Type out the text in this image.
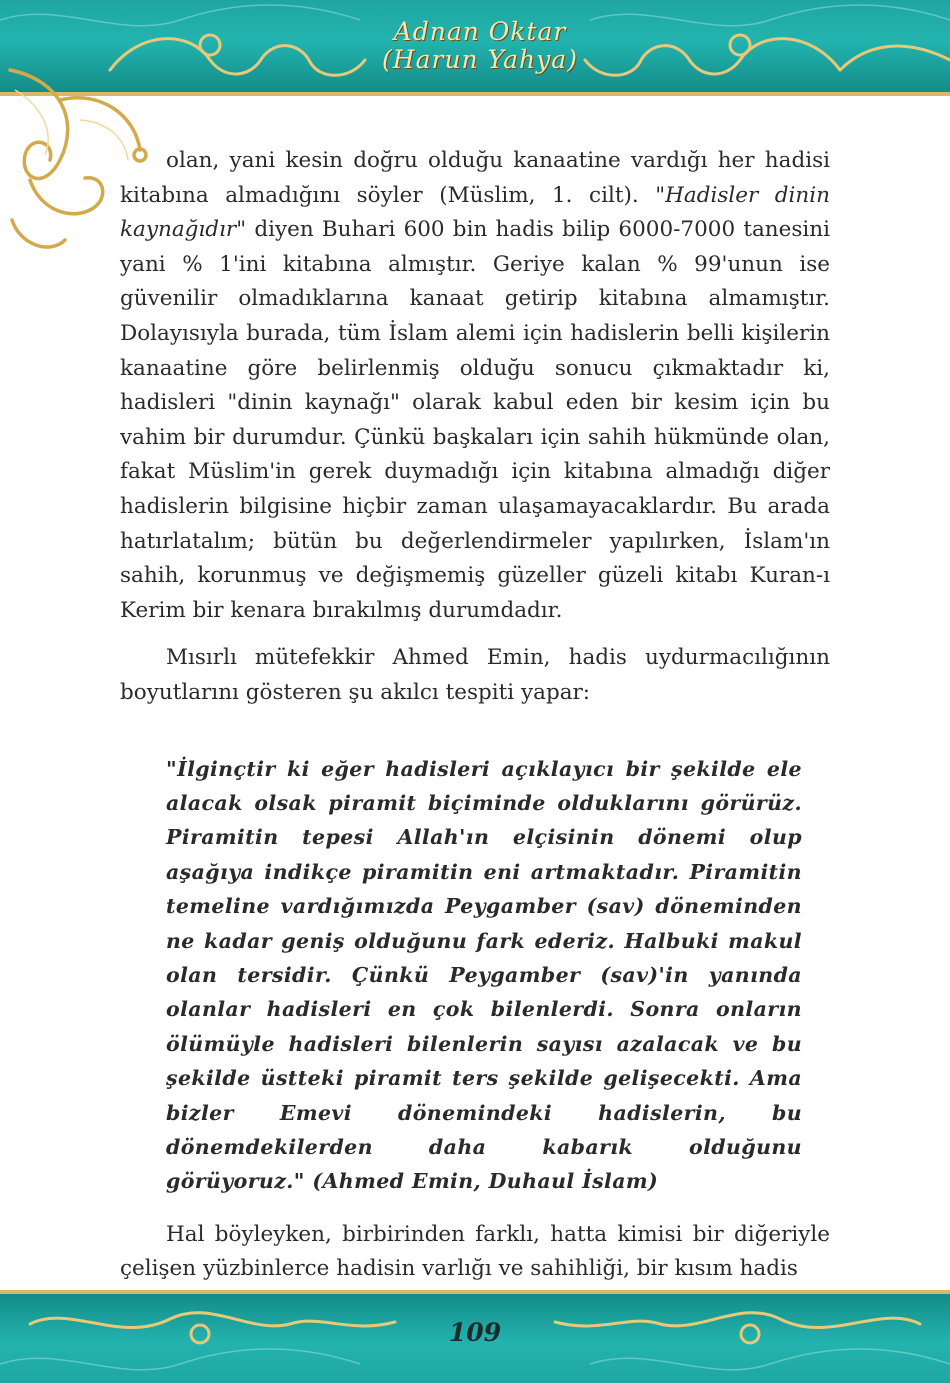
Adnan Oktar
(Harun Yahya)

olan, yani kesin doğru olduğu kanaatine vardığı her hadisi kitabına almadığını söyler (Müslim, 1. cilt). "Hadisler dinin kaynağıdır" diyen Buhari 600 bin hadis bilip 6000-7000 tanesini yani % 1'ini kitabına almıştır. Geriye kalan % 99'unun ise güvenilir olmadıklarına kanaat getirip kitabına almamıştır. Dolayısıyla burada, tüm İslam alemi için hadislerin belli kişilerin kanaatine göre belirlenmiş olduğu sonucu çıkmaktadır ki, hadisleri "dinin kaynağı" olarak kabul eden bir kesim için bu vahim bir durumdur. Çünkü başkaları için sahih hükmünde olan, fakat Müslim'in gerek duymadığı için kitabına almadığı diğer hadislerin bilgisine hiçbir zaman ulaşamayacaklardır. Bu arada hatırlatalım; bütün bu değerlendirmeler yapılırken, İslam'ın sahih, korunmuş ve değişmemiş güzeller güzeli kitabı Kuran-ı Kerim bir kenara bırakılmış durumdadır.

Mısırlı mütefekkir Ahmed Emin, hadis uydurmacılığının boyutlarını gösteren şu akılcı tespiti yapar:

"İlginçtir ki eğer hadisleri açıklayıcı bir şekilde ele alacak olsak piramit biçiminde olduklarını görürüz. Piramitin tepesi Allah'ın elçisinin dönemi olup aşağıya indikçe piramitin eni artmaktadır. Piramitin temeline vardığımızda Peygamber (sav) döneminden ne kadar geniş olduğunu fark ederiz. Halbuki makul olan tersidir. Çünkü Peygamber (sav)'in yanında olanlar hadisleri en çok bilenlerdi. Sonra onların ölümüyle hadisleri bilenlerin sayısı azalacak ve bu şekilde üstteki piramit ters şekilde gelişecekti. Ama bizler Emevi dönemindeki hadislerin, bu dönemdekilerden daha kabarık olduğunu görüyoruz." (Ahmed Emin, Duhaul İslam)

Hal böyleyken, birbirinden farklı, hatta kimisi bir diğeriyle çelişen yüzbinlerce hadisin varlığı ve sahihliği, bir kısım hadis

109
